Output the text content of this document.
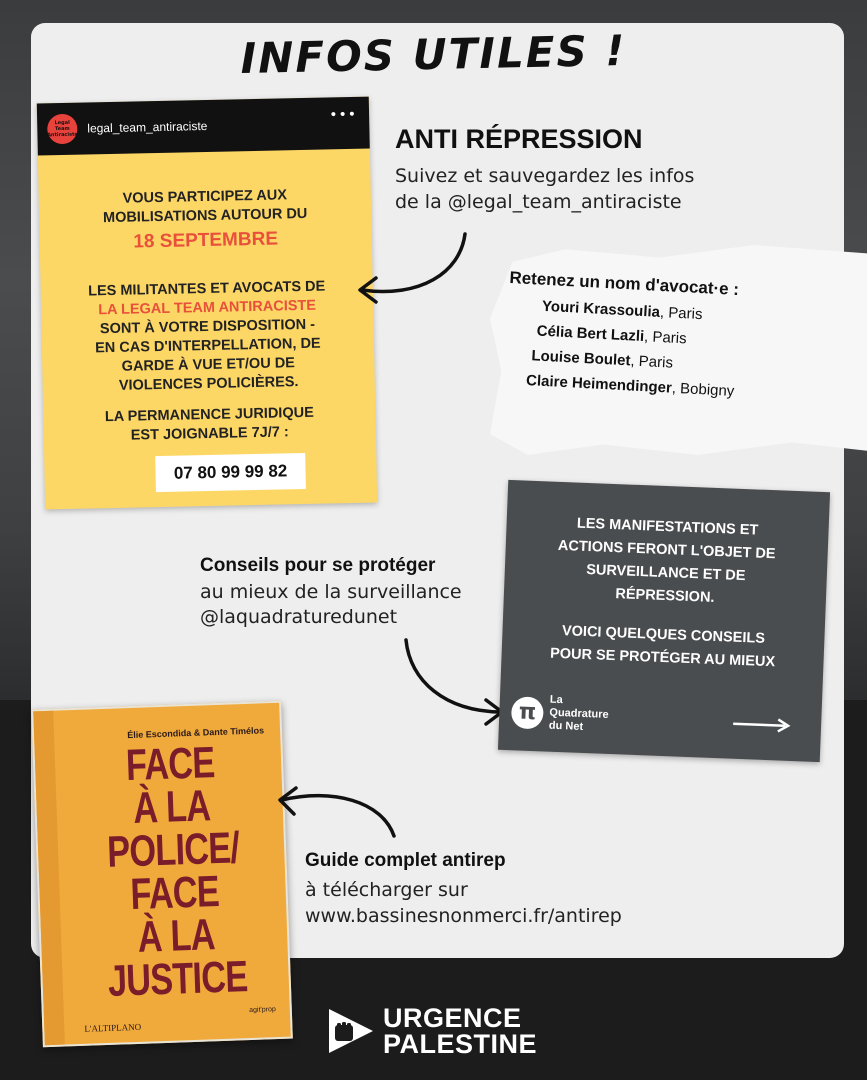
INFOS UTILES !
Legal Team Antiraciste legal_team_antiraciste
•••
VOUS PARTICIPEZ AUX
MOBILISATIONS AUTOUR DU
18 SEPTEMBRE
LES MILITANTES ET AVOCATS DE
LA LEGAL TEAM ANTIRACISTE
SONT À VOTRE DISPOSITION -
EN CAS D'INTERPELLATION, DE
GARDE À VUE ET/OU DE
VIOLENCES POLICIÈRES.
LA PERMANENCE JURIDIQUE
EST JOIGNABLE 7J/7 :
07 80 99 99 82
ANTI RÉPRESSION
Suivez et sauvegardez les infos
de la @legal_team_antiraciste
Retenez un nom d'avocat·e :
Youri Krassoulia, Paris
Célia Bert Lazli, Paris
Louise Boulet, Paris
Claire Heimendinger, Bobigny
Conseils pour se protéger
au mieux de la surveillance
@laquadraturedunet
LES MANIFESTATIONS ET
ACTIONS FERONT L'OBJET DE
SURVEILLANCE ET DE
RÉPRESSION.
VOICI QUELQUES CONSEILS
POUR SE PROTÉGER AU MIEUX
π	La
Quadrature
du Net
Élie Escondida & Dante Timélos
FACE
À LA
POLICE/
FACE
À LA
JUSTICE
L'ALTIPLANO
agit'prop
Guide complet antirep
à télécharger sur
www.bassinesnonmerci.fr/antirep
URGENCE
PALESTINE
